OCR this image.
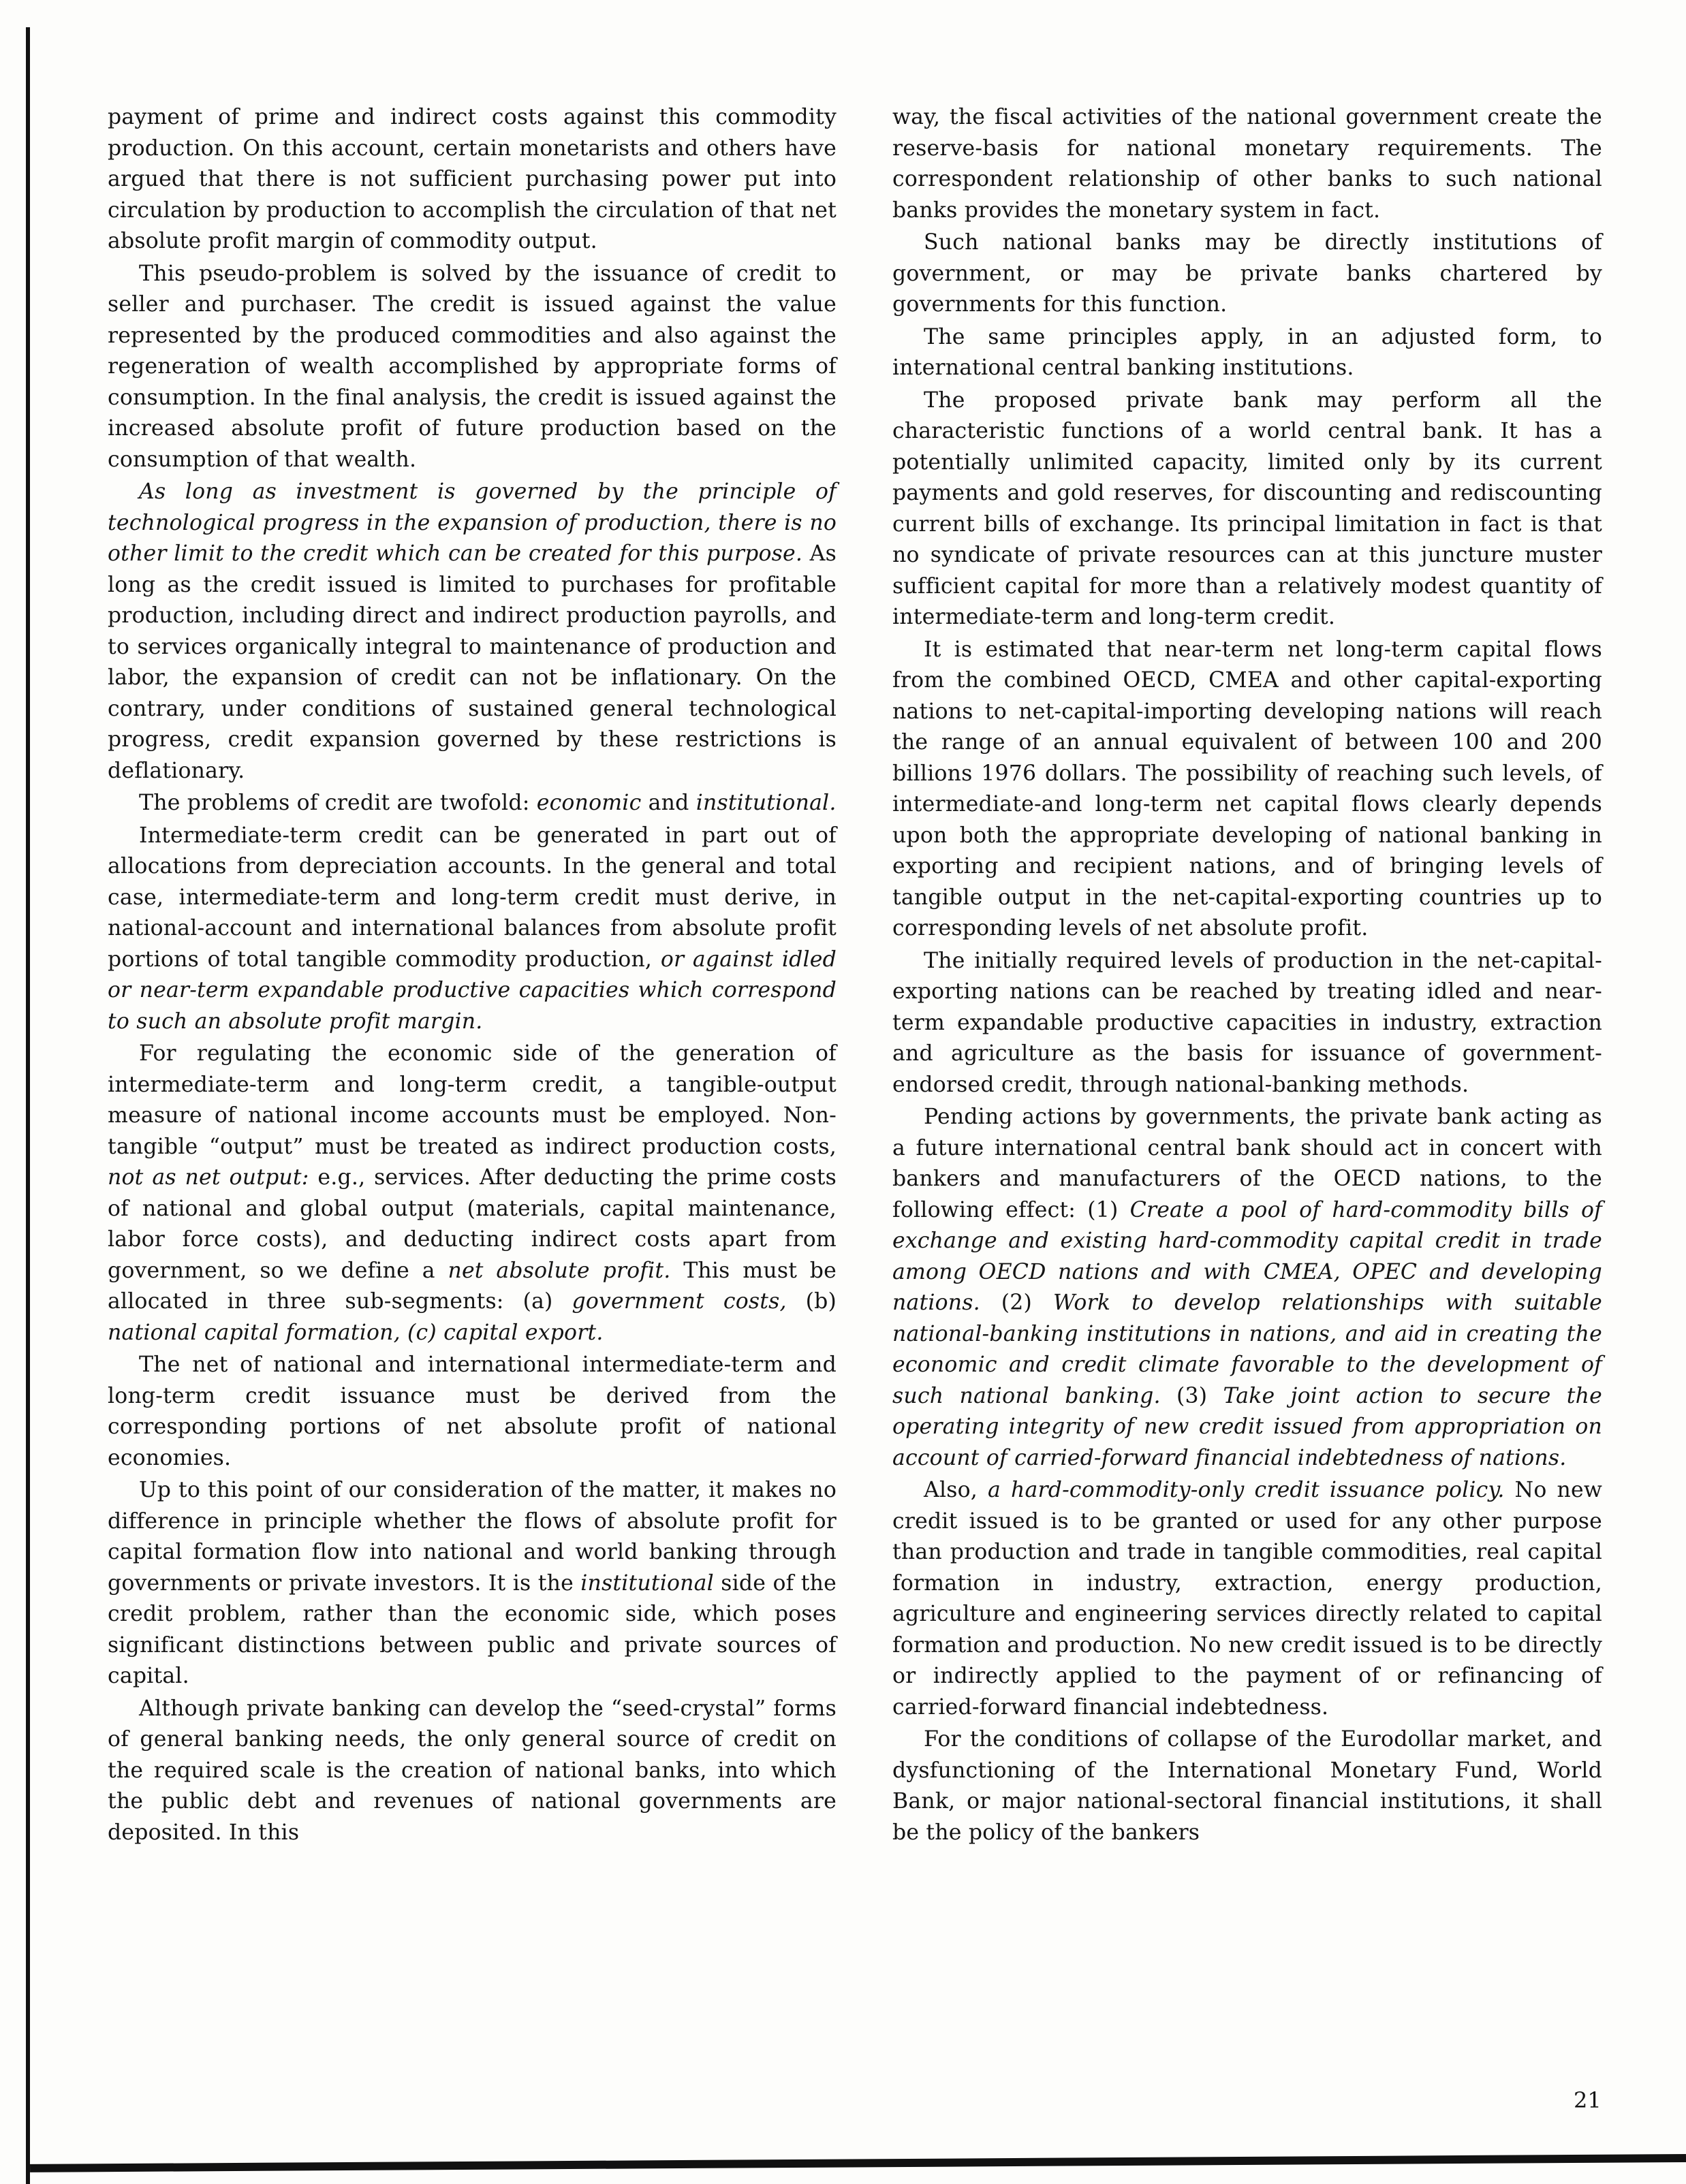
payment of prime and indirect costs against this commodity production. On this account, certain monetarists and others have argued that there is not sufficient purchasing power put into circulation by production to accomplish the circulation of that net absolute profit margin of commodity output.

This pseudo-problem is solved by the issuance of credit to seller and purchaser. The credit is issued against the value represented by the produced commodities and also against the regeneration of wealth accomplished by appropriate forms of consumption. In the final analysis, the credit is issued against the increased absolute profit of future production based on the consumption of that wealth.

As long as investment is governed by the principle of technological progress in the expansion of production, there is no other limit to the credit which can be created for this purpose. As long as the credit issued is limited to purchases for profitable production, including direct and indirect production payrolls, and to services organically integral to maintenance of production and labor, the expansion of credit can not be inflationary. On the contrary, under conditions of sustained general technological progress, credit expansion governed by these restrictions is deflationary.

The problems of credit are twofold: economic and institutional.

Intermediate-term credit can be generated in part out of allocations from depreciation accounts. In the general and total case, intermediate-term and long-term credit must derive, in national-account and international balances from absolute profit portions of total tangible commodity production, or against idled or near-term expandable productive capacities which correspond to such an absolute profit margin.

For regulating the economic side of the generation of intermediate-term and long-term credit, a tangible-output measure of national income accounts must be employed. Non-tangible “output” must be treated as indirect production costs, not as net output: e.g., services. After deducting the prime costs of national and global output (materials, capital maintenance, labor force costs), and deducting indirect costs apart from government, so we define a net absolute profit. This must be allocated in three sub-segments: (a) government costs, (b) national capital formation, (c) capital export.

The net of national and international intermediate-term and long-term credit issuance must be derived from the corresponding portions of net absolute profit of national economies.

Up to this point of our consideration of the matter, it makes no difference in principle whether the flows of absolute profit for capital formation flow into national and world banking through governments or private investors. It is the institutional side of the credit problem, rather than the economic side, which poses significant distinctions between public and private sources of capital.

Although private banking can develop the “seed-crystal” forms of general banking needs, the only general source of credit on the required scale is the creation of national banks, into which the public debt and revenues of national governments are deposited. In this

way, the fiscal activities of the national government create the reserve-basis for national monetary requirements. The correspondent relationship of other banks to such national banks provides the monetary system in fact.

Such national banks may be directly institutions of government, or may be private banks chartered by governments for this function.

The same principles apply, in an adjusted form, to international central banking institutions.

The proposed private bank may perform all the characteristic functions of a world central bank. It has a potentially unlimited capacity, limited only by its current payments and gold reserves, for discounting and rediscounting current bills of exchange. Its principal limitation in fact is that no syndicate of private resources can at this juncture muster sufficient capital for more than a relatively modest quantity of intermediate-term and long-term credit.

It is estimated that near-term net long-term capital flows from the combined OECD, CMEA and other capital-exporting nations to net-capital-importing developing nations will reach the range of an annual equivalent of between 100 and 200 billions 1976 dollars. The possibility of reaching such levels, of intermediate-and long-term net capital flows clearly depends upon both the appropriate developing of national banking in exporting and recipient nations, and of bringing levels of tangible output in the net-capital-exporting countries up to corresponding levels of net absolute profit.

The initially required levels of production in the net-capital-exporting nations can be reached by treating idled and near-term expandable productive capacities in industry, extraction and agriculture as the basis for issuance of government-endorsed credit, through national-banking methods.

Pending actions by governments, the private bank acting as a future international central bank should act in concert with bankers and manufacturers of the OECD nations, to the following effect: (1) Create a pool of hard-commodity bills of exchange and existing hard-commodity capital credit in trade among OECD nations and with CMEA, OPEC and developing nations. (2) Work to develop relationships with suitable national-banking institutions in nations, and aid in creating the economic and credit climate favorable to the development of such national banking. (3) Take joint action to secure the operating integrity of new credit issued from appropriation on account of carried-forward financial indebtedness of nations.

Also, a hard-commodity-only credit issuance policy. No new credit issued is to be granted or used for any other purpose than production and trade in tangible commodities, real capital formation in industry, extraction, energy production, agriculture and engineering services directly related to capital formation and production. No new credit issued is to be directly or indirectly applied to the payment of or refinancing of carried-forward financial indebtedness.

For the conditions of collapse of the Eurodollar market, and dysfunctioning of the International Monetary Fund, World Bank, or major national-sectoral financial institutions, it shall be the policy of the bankers

21
